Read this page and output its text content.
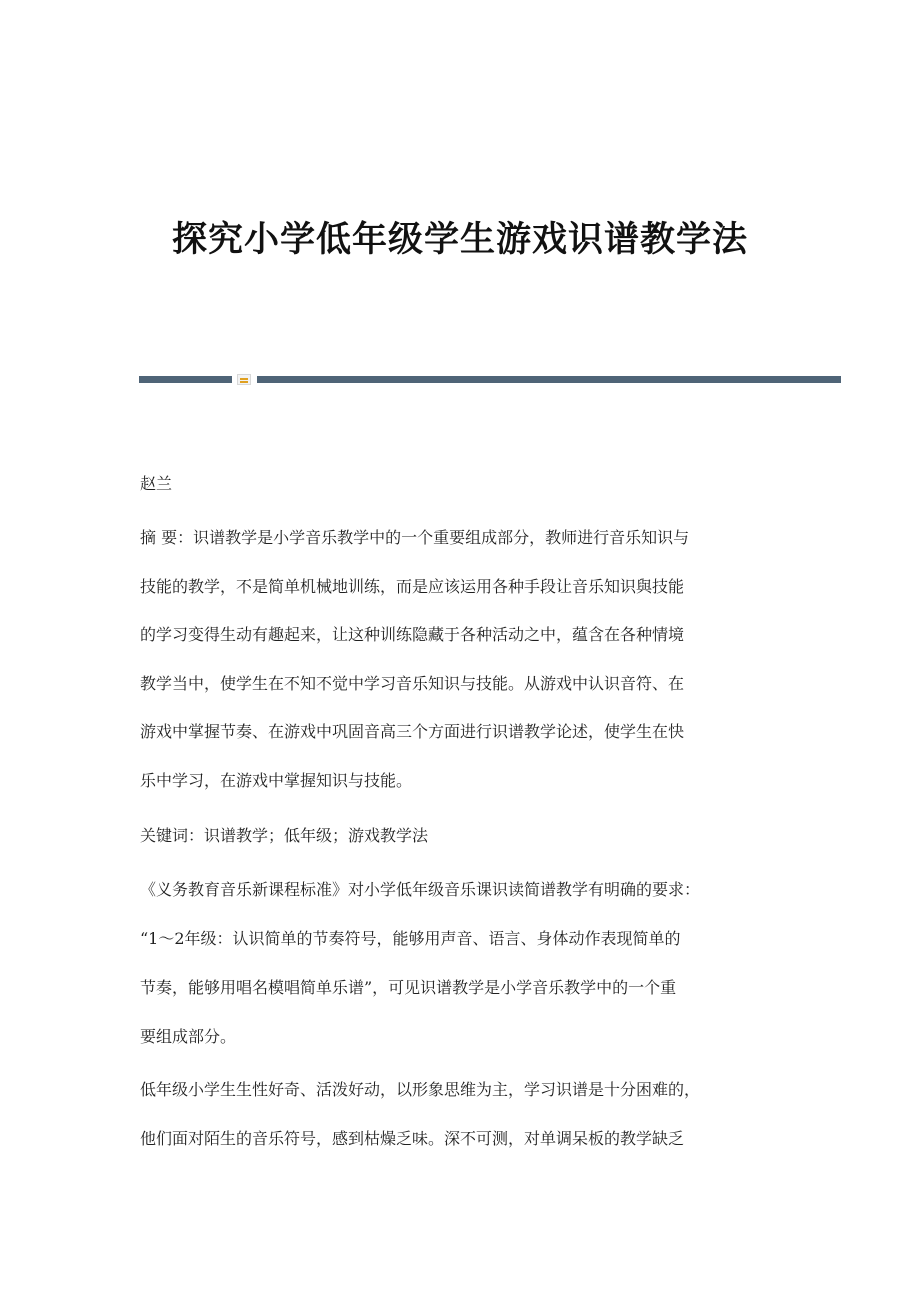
探究小学低年级学生游戏识谱教学法
赵兰
摘 要：识谱教学是小学音乐教学中的一个重要组成部分，教师进行音乐知识与
技能的教学，不是简单机械地训练，而是应该运用各种手段让音乐知识與技能
的学习变得生动有趣起来，让这种训练隐藏于各种活动之中，蕴含在各种情境
教学当中，使学生在不知不觉中学习音乐知识与技能。从游戏中认识音符、在
游戏中掌握节奏、在游戏中巩固音高三个方面进行识谱教学论述，使学生在快
乐中学习，在游戏中掌握知识与技能。
关键词：识谱教学；低年级；游戏教学法
《义务教育音乐新课程标准》对小学低年级音乐课识读简谱教学有明确的要求：
“1～2年级：认识简单的节奏符号，能够用声音、语言、身体动作表现简单的
节奏，能够用唱名模唱简单乐谱”，可见识谱教学是小学音乐教学中的一个重
要组成部分。
低年级小学生生性好奇、活泼好动，以形象思维为主，学习识谱是十分困难的，
他们面对陌生的音乐符号，感到枯燥乏味。深不可测，对单调呆板的教学缺乏
